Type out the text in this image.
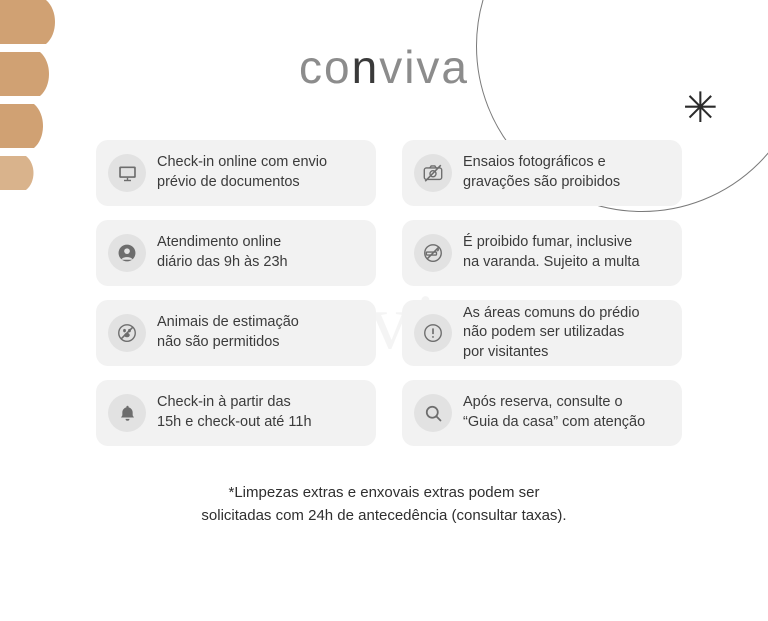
✳
conviva
Check-in online com envio
prévio de documentos
Ensaios fotográficos e
gravações são proibidos
Atendimento online
diário das 9h às 23h
É proibido fumar, inclusive
na varanda. Sujeito a multa
Animais de estimação
não são permitidos
As áreas comuns do prédio
não podem ser utilizadas
por visitantes
Check-in à partir das
15h e check-out até 11h
Após reserva, consulte o
“Guia da casa” com atenção
*Limpezas extras e enxovais extras podem ser
solicitadas com 24h de antecedência (consultar taxas).
